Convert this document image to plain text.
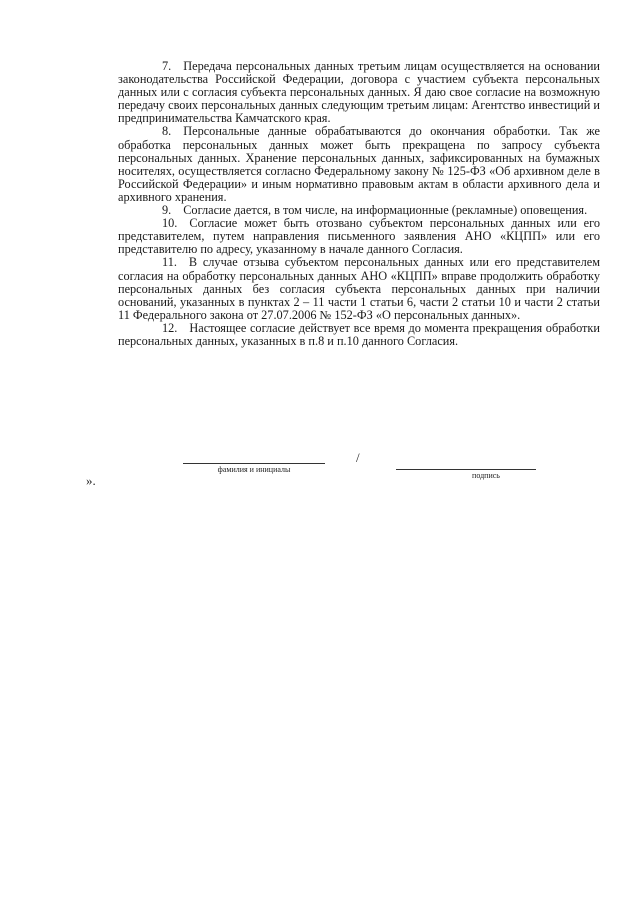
7. Передача персональных данных третьим лицам осуществляется на основании законодательства Российской Федерации, договора с участием субъекта персональных данных или с согласия субъекта персональных данных. Я даю свое согласие на возможную передачу своих персональных данных следующим третьим лицам: Агентство инвестиций и предпринимательства Камчатского края.

8. Персональные данные обрабатываются до окончания обработки. Так же обработка персональных данных может быть прекращена по запросу субъекта персональных данных. Хранение персональных данных, зафиксированных на бумажных носителях, осуществляется согласно Федеральному закону № 125-ФЗ «Об архивном деле в Российской Федерации» и иным нормативно правовым актам в области архивного дела и архивного хранения.

9. Согласие дается, в том числе, на информационные (рекламные) оповещения.

10. Согласие может быть отозвано субъектом персональных данных или его представителем, путем направления письменного заявления АНО «КЦПП» или его представителю по адресу, указанному в начале данного Согласия.

11. В случае отзыва субъектом персональных данных или его представителем согласия на обработку персональных данных АНО «КЦПП» вправе продолжить обработку персональных данных без согласия субъекта персональных данных при наличии оснований, указанных в пунктах 2 – 11 части 1 статьи 6, части 2 статьи 10 и части 2 статьи 11 Федерального закона от 27.07.2006 № 152-ФЗ «О персональных данных».

12. Настоящее согласие действует все время до момента прекращения обработки персональных данных, указанных в п.8 и п.10 данного Согласия.

фамилия и инициалы
/
подпись
».
